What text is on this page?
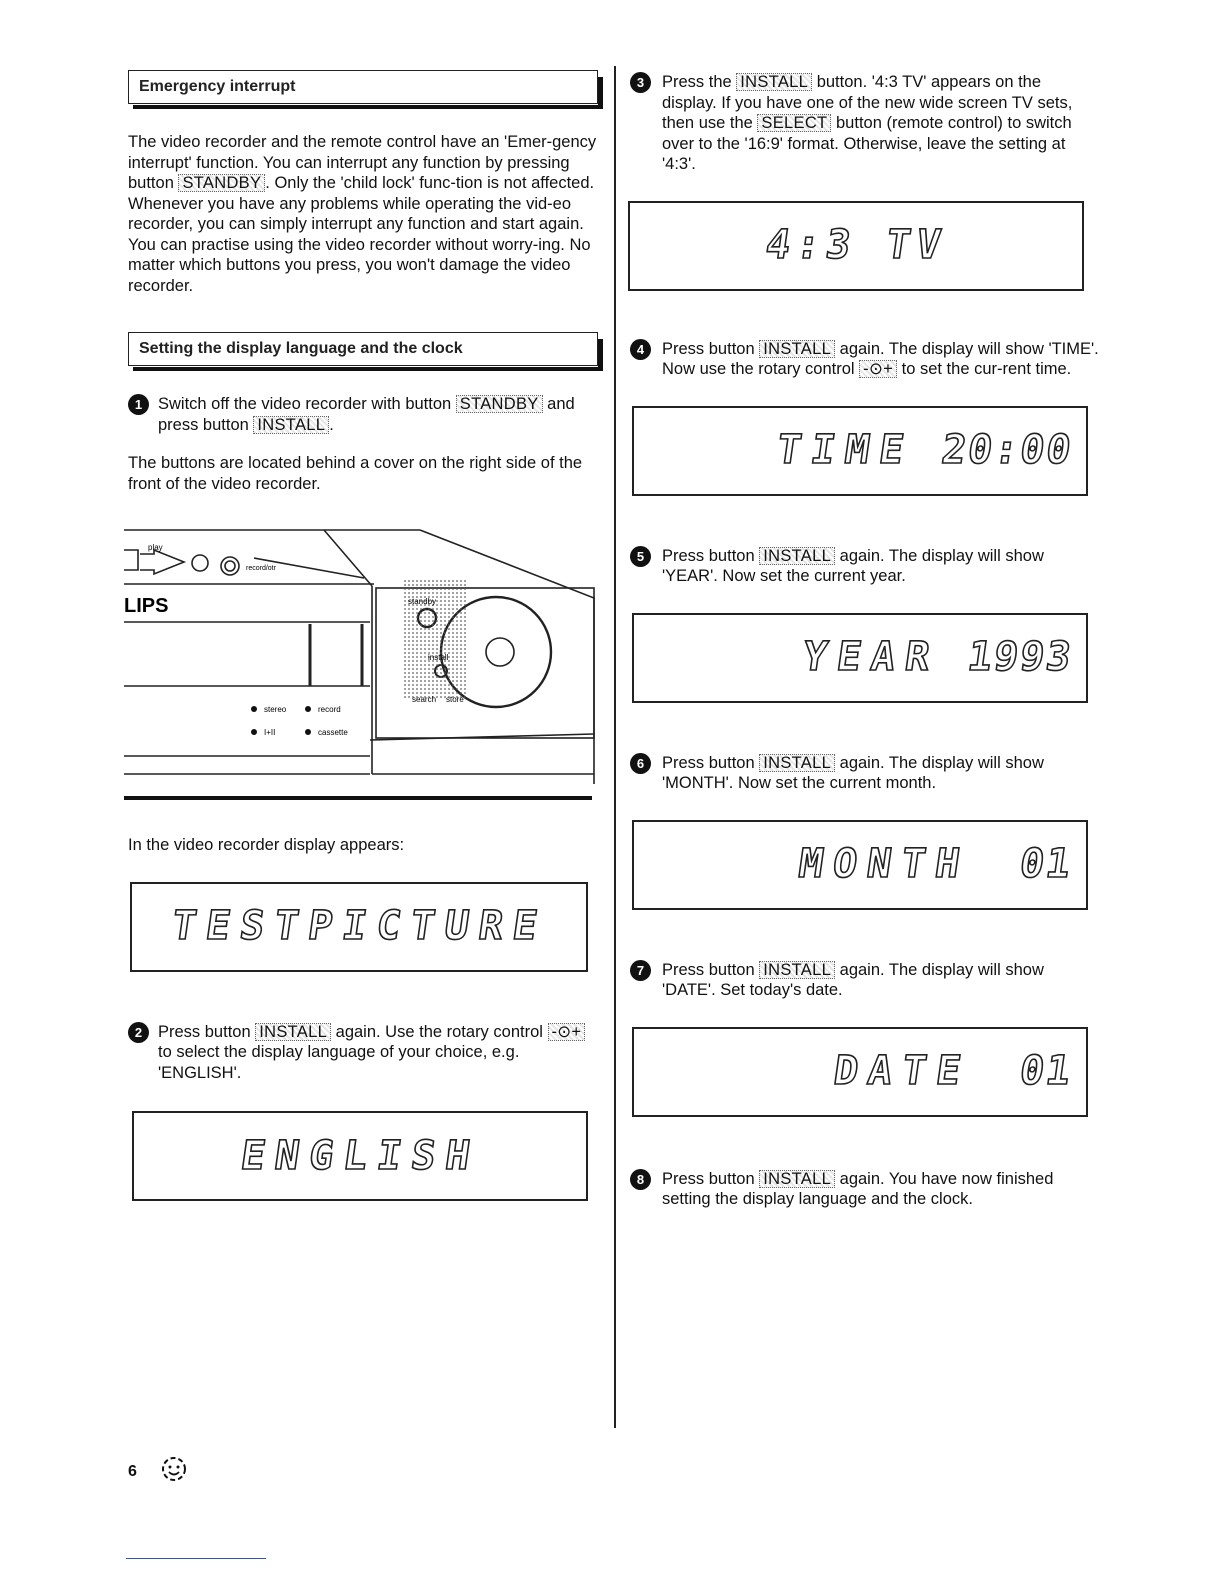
Emergency interrupt

The video recorder and the remote control have an 'Emer-gency interrupt' function. You can interrupt any function by pressing button STANDBY . Only the 'child lock' func-tion is not affected.

Whenever you have any problems while operating the vid-eo recorder, you can simply interrupt any function and start again.

You can practise using the video recorder without worry-ing. No matter which buttons you press, you won't damage the video recorder.

Setting the display language and the clock
1 Switch off the video recorder with button STANDBY and press button INSTALL .

The buttons are located behind a cover on the right side of the front of the video recorder.

play
record/otr
LIPS	standby
install
search store
stereo	record
I+II	cassette

In the video recorder display appears:

TESTPICTURE
2 Press button INSTALL again. Use the rotary control -⊙+ to select the display language of your choice, e.g. 'ENGLISH'.
ENGLISH
3	Press the INSTALL button. '4:3 TV' appears on the display. If you have one of the new wide screen TV sets, then use the SELECT button (remote control) to switch over to the '16:9' format. Otherwise, leave the setting at '4:3'.
4:3 TV
4	Press button INSTALL again. The display will show 'TIME'. Now use the rotary control -⊙+ to set the cur-rent time.
TIME 20:00
5	Press button INSTALL again. The display will show 'YEAR'. Now set the current year.
YEAR 1993
6	Press button INSTALL again. The display will show 'MONTH'. Now set the current month.
MONTH 01
7	Press button INSTALL again. The display will show 'DATE'. Set today's date.
DATE 01
8	Press button INSTALL again. You have now finished setting the display language and the clock.
6
